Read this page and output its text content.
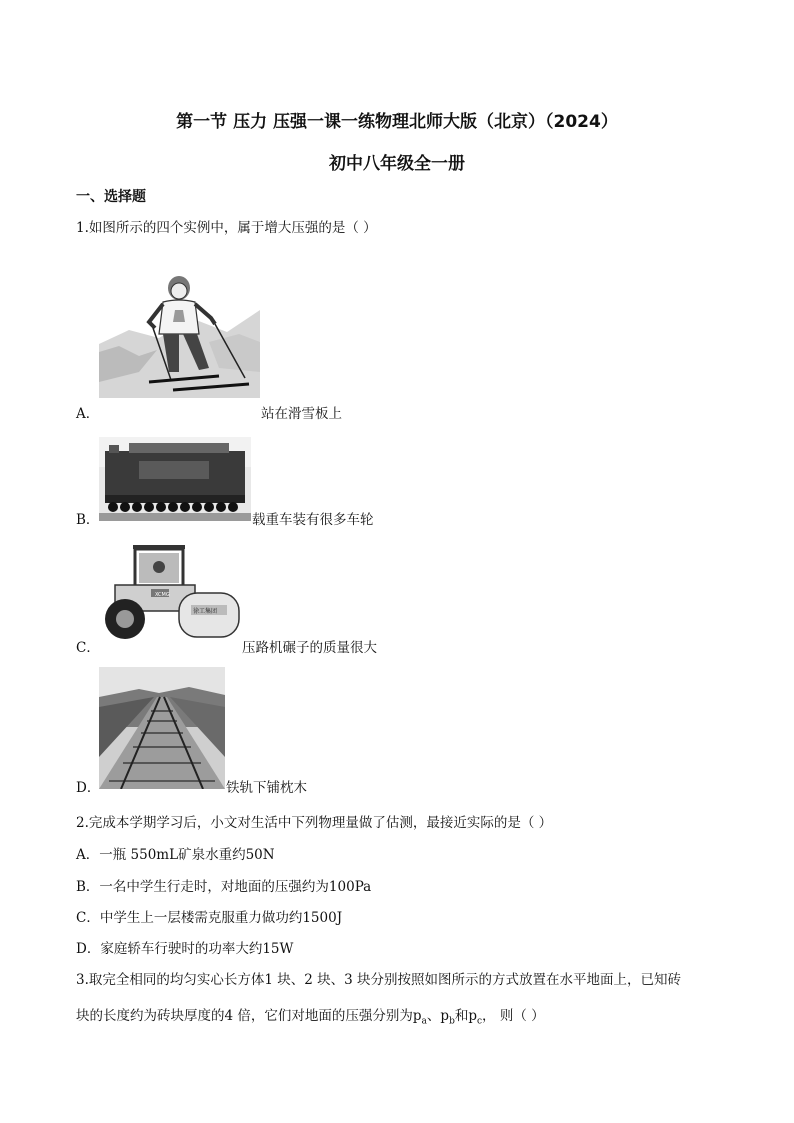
第一节 压力 压强一课一练物理北师大版（北京）（2024）
初中八年级全一册
一、选择题
1.如图所示的四个实例中，属于增大压强的是（ ）
A．	站在滑雪板上
B．	载重车装有很多车轮
XCMG
徐工集团
C．	压路机碾子的质量很大
D．	铁轨下铺枕木
2.完成本学期学习后，小文对生活中下列物理量做了估测，最接近实际的是（ ）
A．一瓶 550mL矿泉水重约50N
B．一名中学生行走时，对地面的压强约为100Pa
C．中学生上一层楼需克服重力做功约1500J
D．家庭轿车行驶时的功率大约15W
3.取完全相同的均匀实心长方体1 块、2 块、3 块分别按照如图所示的方式放置在水平地面上，已知砖
块的长度约为砖块厚度的4 倍，它们对地面的压强分别为$p_a$、$p_b$和$p_c$， 则（ ）
